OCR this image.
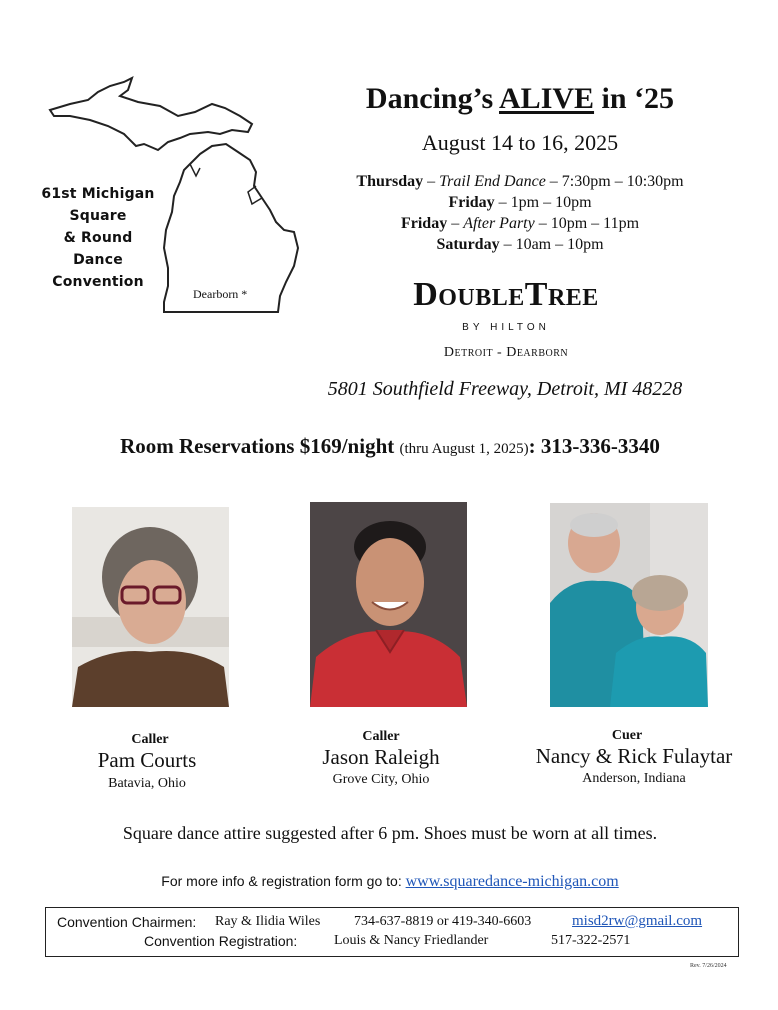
61st Michigan
Square
& Round
Dance
Convention
Dearborn *
Dancing’s ALIVE in ‘25
August 14 to 16, 2025
Thursday – Trail End Dance – 7:30pm – 10:30pm
Friday – 1pm – 10pm
Friday – After Party – 10pm – 11pm
Saturday – 10am – 10pm
DoubleTree
BY HILTON
Detroit - Dearborn
5801 Southfield Freeway, Detroit, MI 48228
Room Reservations $169/night (thru August 1, 2025): 313-336-3340
Caller
Pam Courts
Batavia, Ohio
Caller
Jason Raleigh
Grove City, Ohio
Cuer
Nancy & Rick Fulaytar
Anderson, Indiana
Square dance attire suggested after 6 pm. Shoes must be worn at all times.
For more info & registration form go to: www.squaredance-michigan.com
Convention Chairmen: Ray & Ilidia Wiles 734-637-8819 or 419-340-6603	misd2rw@gmail.com
Convention Registration:	Louis & Nancy Friedlander	517-322-2571
Rev. 7/26/2024
